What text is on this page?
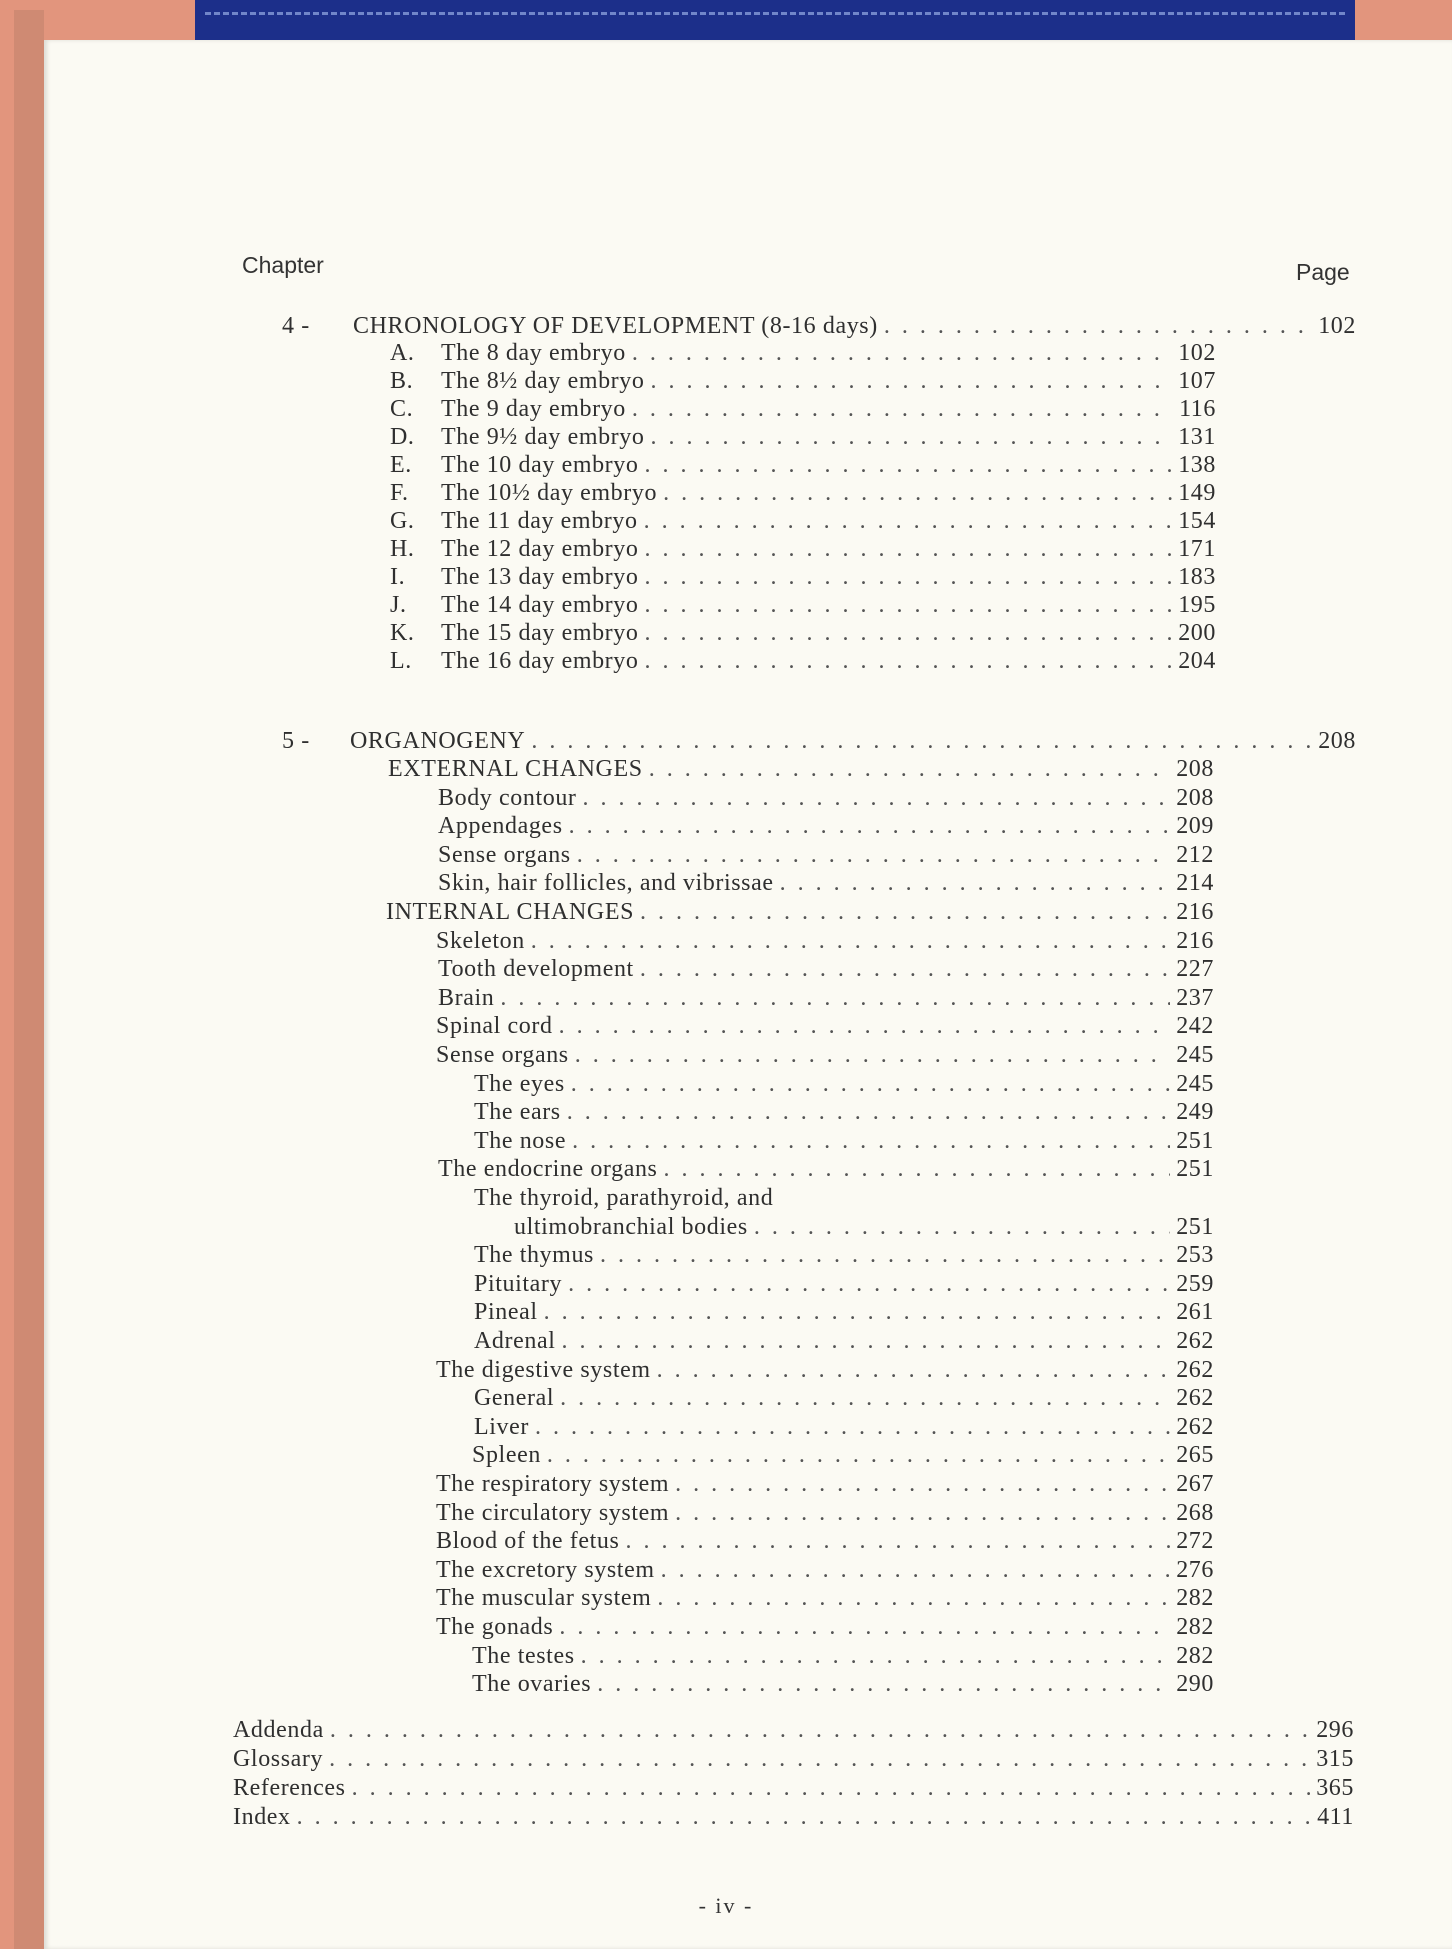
Chapter	Page
4 -	CHRONOLOGY OF DEVELOPMENT (8-16 days) . . .	102
A.	The 8 day embryo . . .	102
B.	The 8½ day embryo . . .	107
C.	The 9 day embryo . . .	116
D.	The 9½ day embryo . . .	131
E.	The 10 day embryo . . .	138
F.	The 10½ day embryo . . .	149
G.	The 11 day embryo . . .	154
H.	The 12 day embryo . . .	171
I.	The 13 day embryo . . .	183
J.	The 14 day embryo . . .	195
K.	The 15 day embryo . . .	200
L.	The 16 day embryo . . .	204
5 -	ORGANOGENY . . .	208
EXTERNAL CHANGES . . .	208
Body contour . . .	208
Appendages . . .	209
Sense organs . . .	212
Skin, hair follicles, and vibrissae . . .	214
INTERNAL CHANGES . . .	216
Skeleton . . .	216
Tooth development . . .	227
Brain . . .	237
Spinal cord . . .	242
Sense organs . . .	245
The eyes . . .	245
The ears . . .	249
The nose . . .	251
The endocrine organs . . .	251
The thyroid, parathyroid, and
ultimobranchial bodies . . .	251
The thymus . . .	253
Pituitary . . .	259
Pineal . . .	261
Adrenal . . .	262
The digestive system . . .	262
General . . .	262
Liver . . .	262
Spleen . . .	265
The respiratory system . . .	267
The circulatory system . . .	268
Blood of the fetus . . .	272
The excretory system . . .	276
The muscular system . . .	282
The gonads . . .	282
The testes . . .	282
The ovaries . . .	290
Addenda . . .	296
Glossary . . .	315
References . . .	365
Index . . .	411
- iv -
